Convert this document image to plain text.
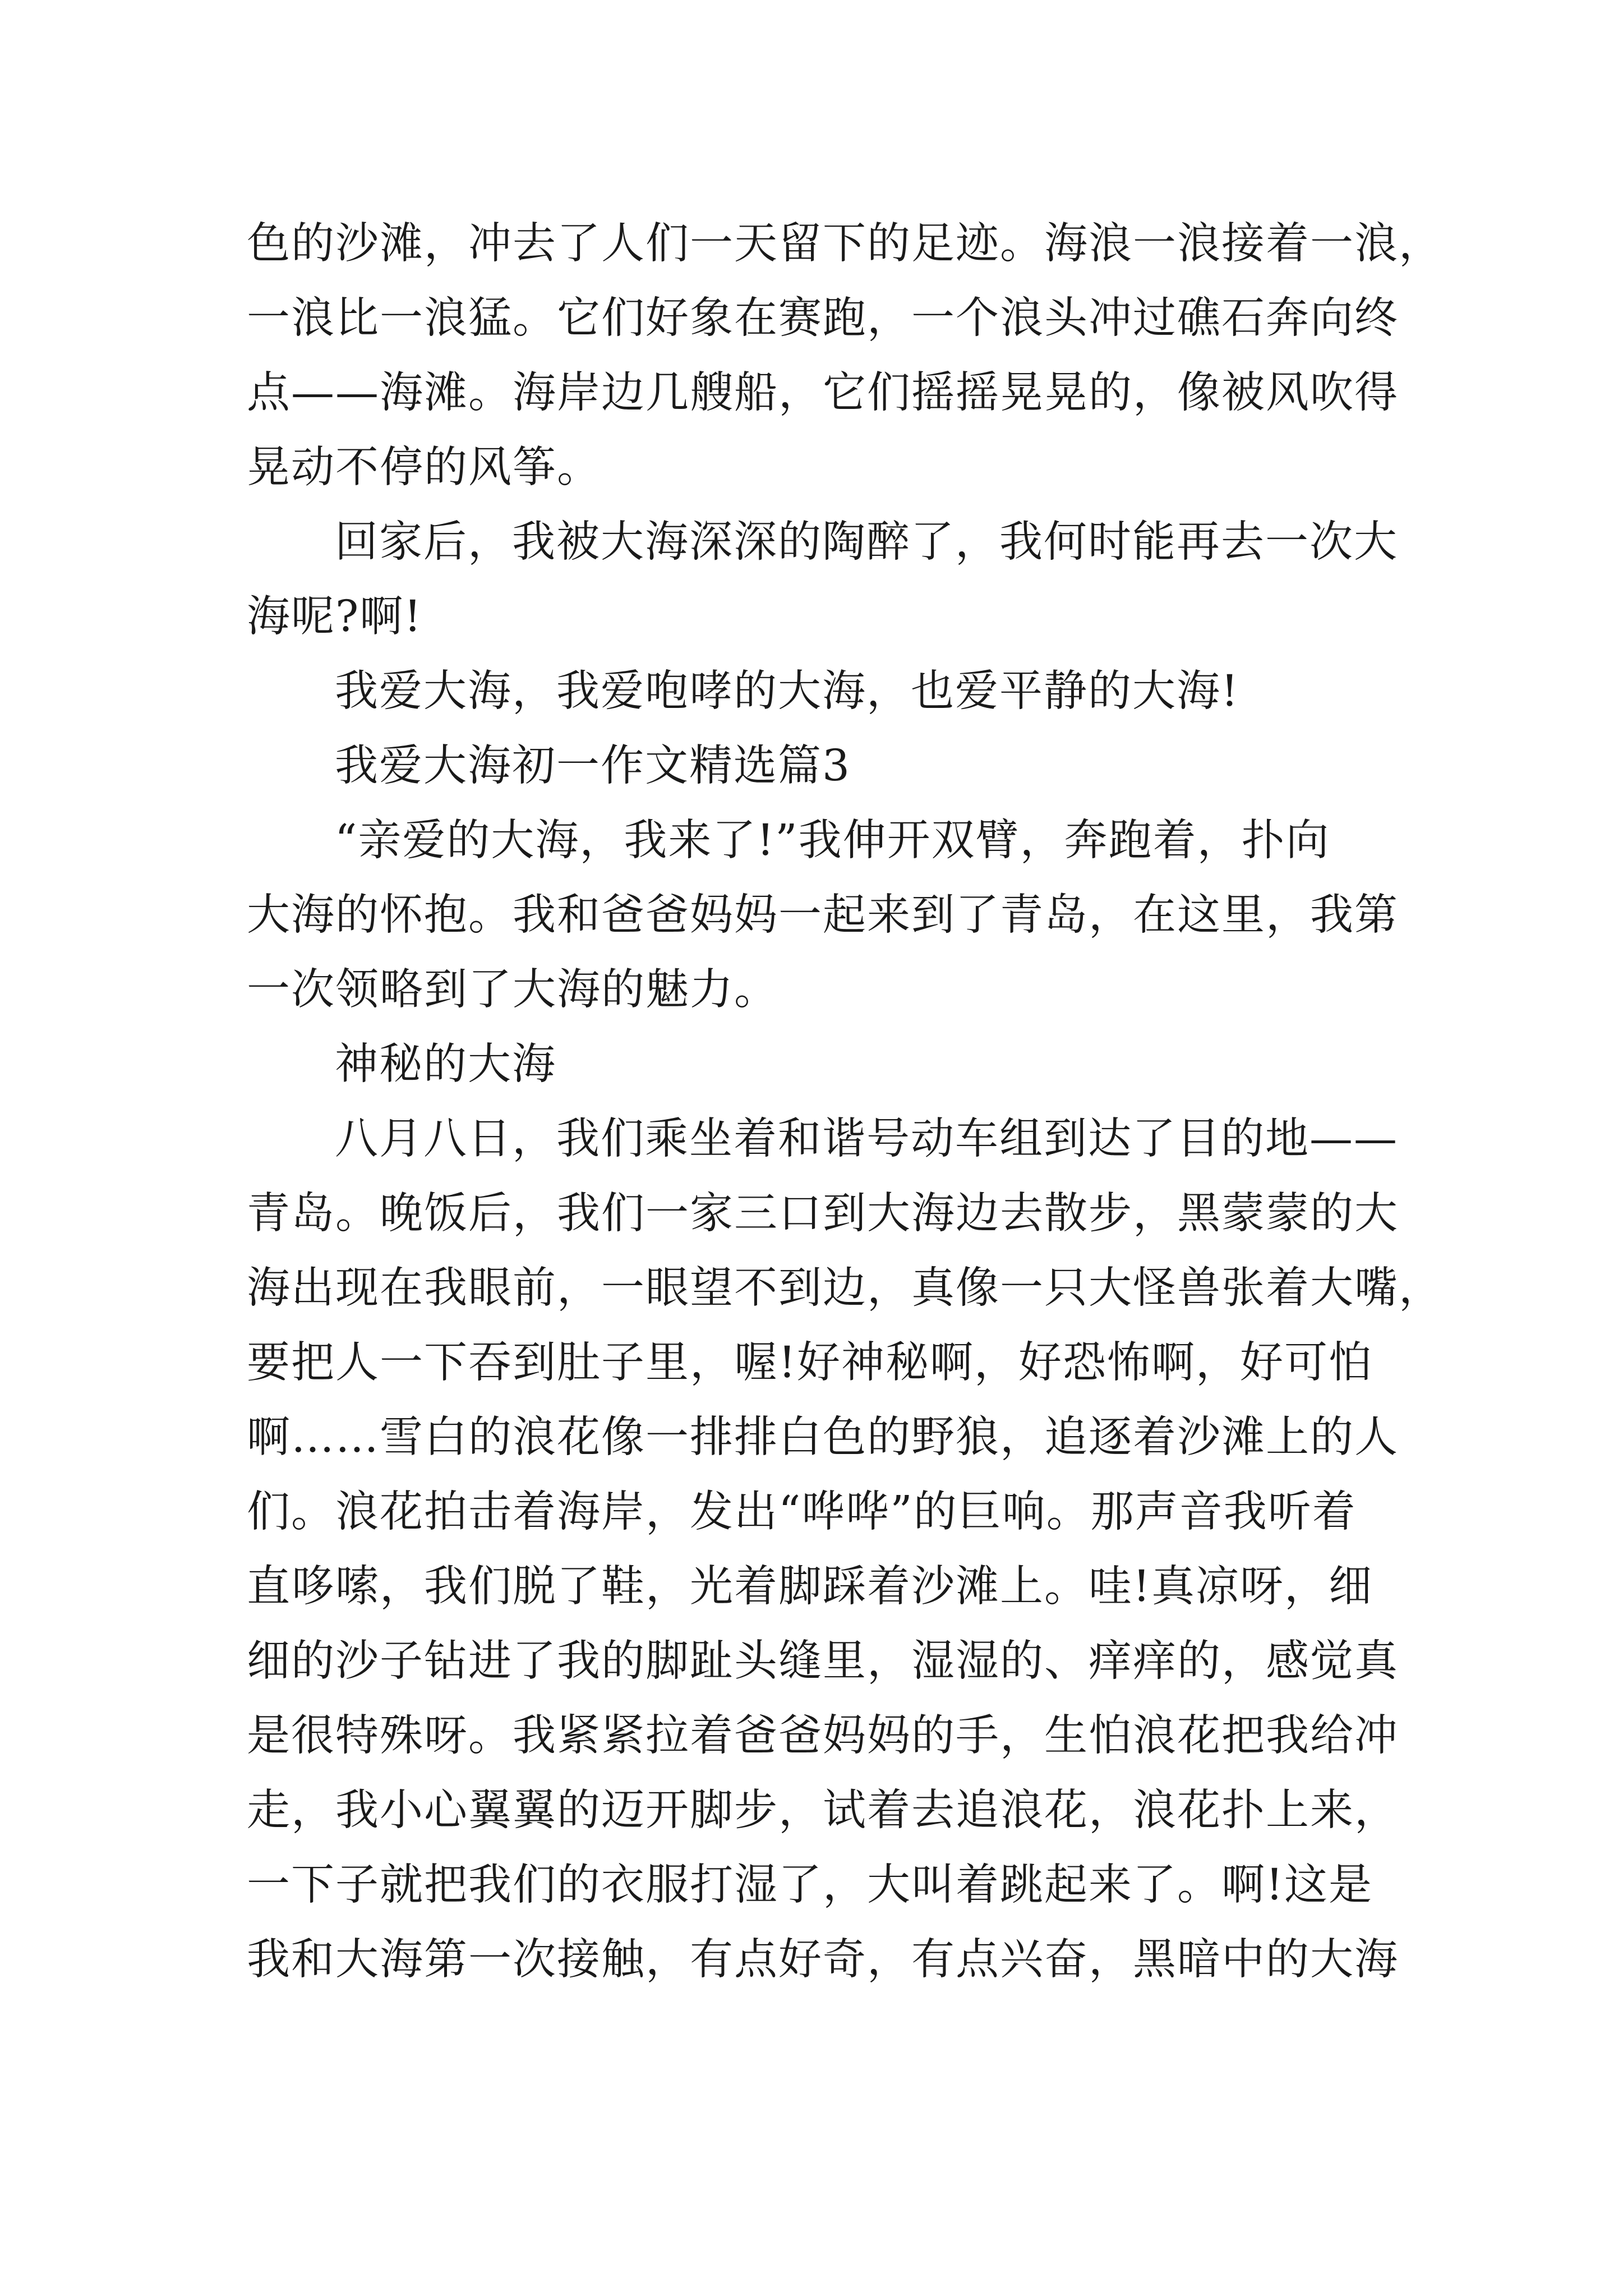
色的沙滩，冲去了人们一天留下的足迹。海浪一浪接着一浪，
一浪比一浪猛。它们好象在赛跑，一个浪头冲过礁石奔向终
点——海滩。海岸边几艘船，它们摇摇晃晃的，像被风吹得
晃动不停的风筝。
回家后，我被大海深深的陶醉了，我何时能再去一次大
海呢?啊!
我爱大海，我爱咆哮的大海，也爱平静的大海!
我爱大海初一作文精选篇3
“亲爱的大海，我来了!”我伸开双臂，奔跑着，扑向
大海的怀抱。我和爸爸妈妈一起来到了青岛，在这里，我第
一次领略到了大海的魅力。
神秘的大海
八月八日，我们乘坐着和谐号动车组到达了目的地——
青岛。晚饭后，我们一家三口到大海边去散步，黑蒙蒙的大
海出现在我眼前，一眼望不到边，真像一只大怪兽张着大嘴，
要把人一下吞到肚子里，喔!好神秘啊，好恐怖啊，好可怕
啊……雪白的浪花像一排排白色的野狼，追逐着沙滩上的人
们。浪花拍击着海岸，发出“哗哗”的巨响。那声音我听着
直哆嗦，我们脱了鞋，光着脚踩着沙滩上。哇!真凉呀，细
细的沙子钻进了我的脚趾头缝里，湿湿的、痒痒的，感觉真
是很特殊呀。我紧紧拉着爸爸妈妈的手，生怕浪花把我给冲
走，我小心翼翼的迈开脚步，试着去追浪花，浪花扑上来，
一下子就把我们的衣服打湿了，大叫着跳起来了。啊!这是
我和大海第一次接触，有点好奇，有点兴奋，黑暗中的大海
